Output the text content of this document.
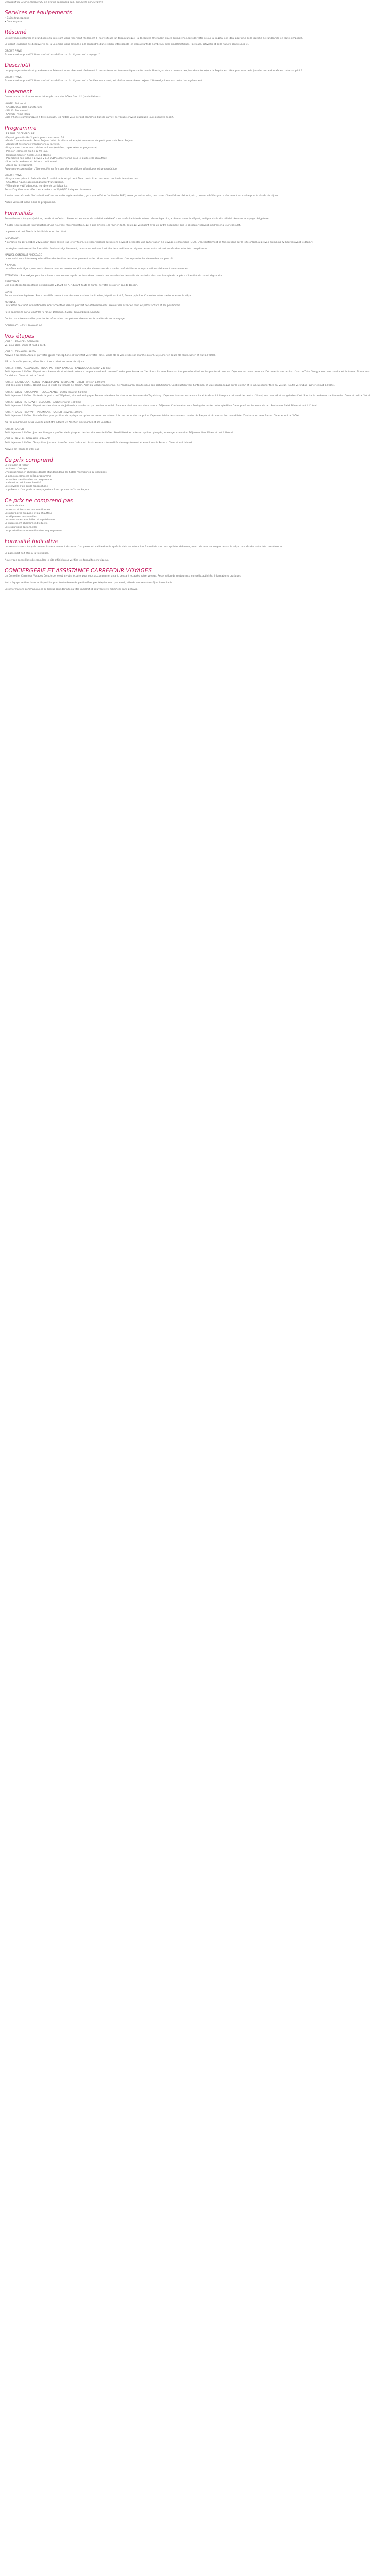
Descriptif du Ce prix comprend / Ce prix ne comprend pas Formalités Conciergerie

Services et équipements
• Guide francophone
• Conciergerie
Résumé

Les paysages naturels et grandioses du Bolé sont vous réservent réellement à nos visiteurs un terrain unique – à découvrir. Une façon douce ou marchée, lors de votre séjour à Bogota, est idéal pour une belle journée de randonnée en toute simplicité.

Le circuit classique de découverte de la Colombie vous emmène à la rencontre d'une région intéressante en découvrant de nombreux sites emblématiques. Parcours, activités et belle nature sont réunis ici.

CIRCUIT PRIVÉ

Existe aussi en privatif ! Nous souhaitons réaliser ce circuit pour votre voyage ?

Descriptif

Les paysages naturels et grandioses du Bolé sont vous réservent réellement à nos visiteurs un terrain unique – à découvrir. Une façon douce ou marchée, lors de votre séjour à Bogota, est idéal pour une belle journée de randonnée en toute simplicité.

CIRCUIT PRIVÉ

Existe aussi en privatif ! Nous souhaitons réaliser ce circuit pour votre famille ou vos amis, et réaliser ensemble un séjour ? Notre équipe vous contactera rapidement.

Logement

Durant votre circuit vous serez hébergés dans des hôtels 3 ou 4* (ou similaires) :

- HOTEL Bel Hôtel
- CANDIDOSA: Bolé Sanatorium
- SALID: Bienvenue!
- SAMUR: Prima Plaza

Liste d'hôtels communiquée à titre indicatif, les hôtels vous seront confirmés dans le carnet de voyage envoyé quelques jours avant le départ.

Programme
LES PLUS DE CE GROUPE
- Départ garantis dès 2 participants, maximum 24.
- Guide francophone du 2e au 9e jour. Véhicule climatisé adapté au nombre de participants du 2e au 8e jour.
- Accueil et assistance francophone à l'arrivée.
- Programme tout-en-un : visites incluses (entrées, repas selon le programme).
- Pension complète du 2e au 9e jour.
- Hébergement en hôtels 3 et 4 étoiles.
- Pourboires non inclus : prévoir 2 à 3 USD/jour/personne pour le guide et le chauffeur.
- Spectacle de danse et folklore traditionnel.
- Accès au Parc Naturel.

Programme susceptible d'être modifié en fonction des conditions climatiques et de circulation.

CIRCUIT PRIVÉ
- Programme privatif réalisable dès 2 participants et qui peut être construit au maximum de l'avis de votre choix.
- Chauffeur / guide accompagnateur francophone.
- Véhicule privatif adapté au nombre de participants.

Repas Day Overseas effectués à la date du 20/01/25 indiquée ci-dessous.

A noter : en raison de l'introduction d'une nouvelle réglementation, qui a pris effet le 1er février 2025, ceux qui ont un visa, une carte d'identité de résident, etc., doivent vérifier que ce document est valide pour la durée du séjour.

Aucun vol n'est inclus dans ce programme.

Formalités

Ressortissants français (adultes, bébés et enfants) : Passeport en cours de validité, valable 6 mois après la date de retour. Visa obligatoire, à obtenir avant le départ, en ligne via le site officiel. Assurance voyage obligatoire.

À noter : en raison de l'introduction d'une nouvelle réglementation, qui a pris effet le 1er février 2025, ceux qui voyagent avec un autre document que le passeport doivent s'adresser à leur consulat.

Le passeport doit être à la fois lisible et en bon état.

IMPORTANT :

A compter du 1er octobre 2025, pour toute entrée sur le territoire, les ressortissants européens devront présenter une autorisation de voyage électronique (ETA). L'enregistrement se fait en ligne sur le site officiel, à prévoir au moins 72 heures avant le départ.

Les règles sanitaires et les formalités évoluant régulièrement, nous vous invitons à vérifier les conditions en vigueur avant votre départ auprès des autorités compétentes.

MANUEL CONSULAT / MESSAGE

Le consulat vous informe que les délais d'obtention des visas peuvent varier. Nous vous conseillons d'entreprendre les démarches au plus tôt.

À SAVOIR

Les vêtements légers, une veste chaude pour les soirées en altitude, des chaussures de marche confortables et une protection solaire sont recommandés.

ATTENTION : Sont exigés pour les mineurs non accompagnés de leurs deux parents une autorisation de sortie de territoire ainsi que la copie de la pièce d'identité du parent signataire.

ASSISTANCE

Une assistance francophone est joignable 24h/24 et 7j/7 durant toute la durée de votre séjour en cas de besoin.

SANTÉ

Aucun vaccin obligatoire. Sont conseillés : mise à jour des vaccinations habituelles, hépatites A et B, fièvre typhoïde. Consultez votre médecin avant le départ.

MONNAIE

Les cartes de crédit internationales sont acceptées dans la plupart des établissements. Prévoir des espèces pour les petits achats et les pourboires.

Pays concernés par le contrôle : France, Belgique, Suisse, Luxembourg, Canada.

Contactez votre conseiller pour toute information complémentaire sur les formalités de votre voyage.

CONSULAT : +33 1 40 00 00 00

Vos étapes
JOUR 1 : FRANCE - DENAHAR

Vol pour Bolé. Dîner et nuit à bord.

JOUR 2 : DENAHAR - HUTA

Arrivée à Denahar. Accueil par votre guide francophone et transfert vers votre hôtel. Visite de la ville et de son marché coloré. Déjeuner en cours de route. Dîner et nuit à l'hôtel.

NB : si le vol le permet, dîner libre. Il sera offert en cours de séjour.

JOUR 3 : HUTA - ALEXANDRIE - BESAHAS - TIRTA GANGGA - CANDIDOSA (environ 230 km)

Petit déjeuner à l'hôtel. Départ vers Alexandrie et visite du célèbre temple, considéré comme l'un des plus beaux de l'île. Poursuite vers Besahas, temple mère situé sur les pentes du volcan. Déjeuner en cours de route. Découverte des jardins d'eau de Tirta Gangga avec ses bassins et fontaines. Route vers Candidosa. Dîner et nuit à l'hôtel.

JOUR 4 : CANDIDOSA - KEHEN - PENGLIPURAN - KINTAMANI - UBUD (environ 130 km)

Petit déjeuner à l'hôtel. Départ pour la visite du temple de Kehen. Arrêt au village traditionnel de Penglipuran, réputé pour son architecture. Continuation vers Kintamani et vue panoramique sur le volcan et le lac. Déjeuner face au volcan. Route vers Ubud. Dîner et nuit à l'hôtel.

JOUR 5 : UBUD - GOA GAJAH - TEGALLALANG - UBUD (environ 60 km)

Petit déjeuner à l'hôtel. Visite de la grotte de l'éléphant, site archéologique. Promenade dans les rizières en terrasses de Tegallalang. Déjeuner dans un restaurant local. Après-midi libre pour découvrir le centre d'Ubud, son marché et ses galeries d'art. Spectacle de danse traditionnelle. Dîner et nuit à l'hôtel.

JOUR 6 : UBUD - JATILUWIH - BEDUGUL - SALID (environ 120 km)

Petit déjeuner à l'hôtel. Départ vers les rizières de Jatiluwih, classées au patrimoine mondial. Balade à pied au cœur des champs. Déjeuner. Continuation vers Bedugul et visite du temple Ulun Danu, posé sur les eaux du lac. Route vers Salid. Dîner et nuit à l'hôtel.

JOUR 7 : SALID - BANYAR - TAMAN SARI - SAMUR (environ 150 km)

Petit déjeuner à l'hôtel. Matinée libre pour profiter de la plage ou option excursion en bateau à la rencontre des dauphins. Déjeuner. Visite des sources chaudes de Banyar et du monastère bouddhiste. Continuation vers Samur. Dîner et nuit à l'hôtel.

NB : le programme de la journée peut être adapté en fonction des marées et de la météo.

JOUR 8 : SAMUR

Petit déjeuner à l'hôtel. Journée libre pour profiter de la plage et des installations de l'hôtel. Possibilité d'activités en option : plongée, massage, excursion. Déjeuner libre. Dîner et nuit à l'hôtel.

JOUR 9 : SAMUR - DENAHAR - FRANCE

Petit déjeuner à l'hôtel. Temps libre jusqu'au transfert vers l'aéroport. Assistance aux formalités d'enregistrement et envol vers la France. Dîner et nuit à bord.

Arrivée en France le 10e jour.

Ce prix comprend
Le vol aller et retour
Les taxes d'aéroport
L'hébergement en chambre double standard dans les hôtels mentionnés ou similaires
La pension complète selon programme
Les visites mentionnées au programme
Le circuit en véhicule climatisé
Les services d'un guide francophone
La présence d'un guide accompagnateur francophone du 2e au 8e jour
Ce prix ne comprend pas
Les frais de visa
Les repas et boissons non mentionnés
Les pourboires au guide et au chauffeur
Les dépenses personnelles
Les assurances annulation et rapatriement
Le supplément chambre individuelle
Les excursions optionnelles
Les prestations non mentionnées au programme
Formalité indicative

Les ressortissants français doivent impérativement disposer d'un passeport valide 6 mois après la date de retour. Les formalités sont susceptibles d'évoluer, merci de vous renseigner avant le départ auprès des autorités compétentes.

Le passeport doit être à la fois lisible.

Nous vous conseillons de consulter le site officiel pour vérifier les formalités en vigueur.

CONCIERGERIE ET ASSISTANCE CARREFOUR VOYAGES

Un Conseiller Carrefour Voyages Conciergerie est à votre écoute pour vous accompagner avant, pendant et après votre voyage. Réservation de restaurants, conseils, activités, informations pratiques.

Notre équipe se tient à votre disposition pour toute demande particulière, par téléphone ou par email, afin de rendre votre séjour inoubliable.

Les informations communiquées ci-dessus sont données à titre indicatif et peuvent être modifiées sans préavis.
